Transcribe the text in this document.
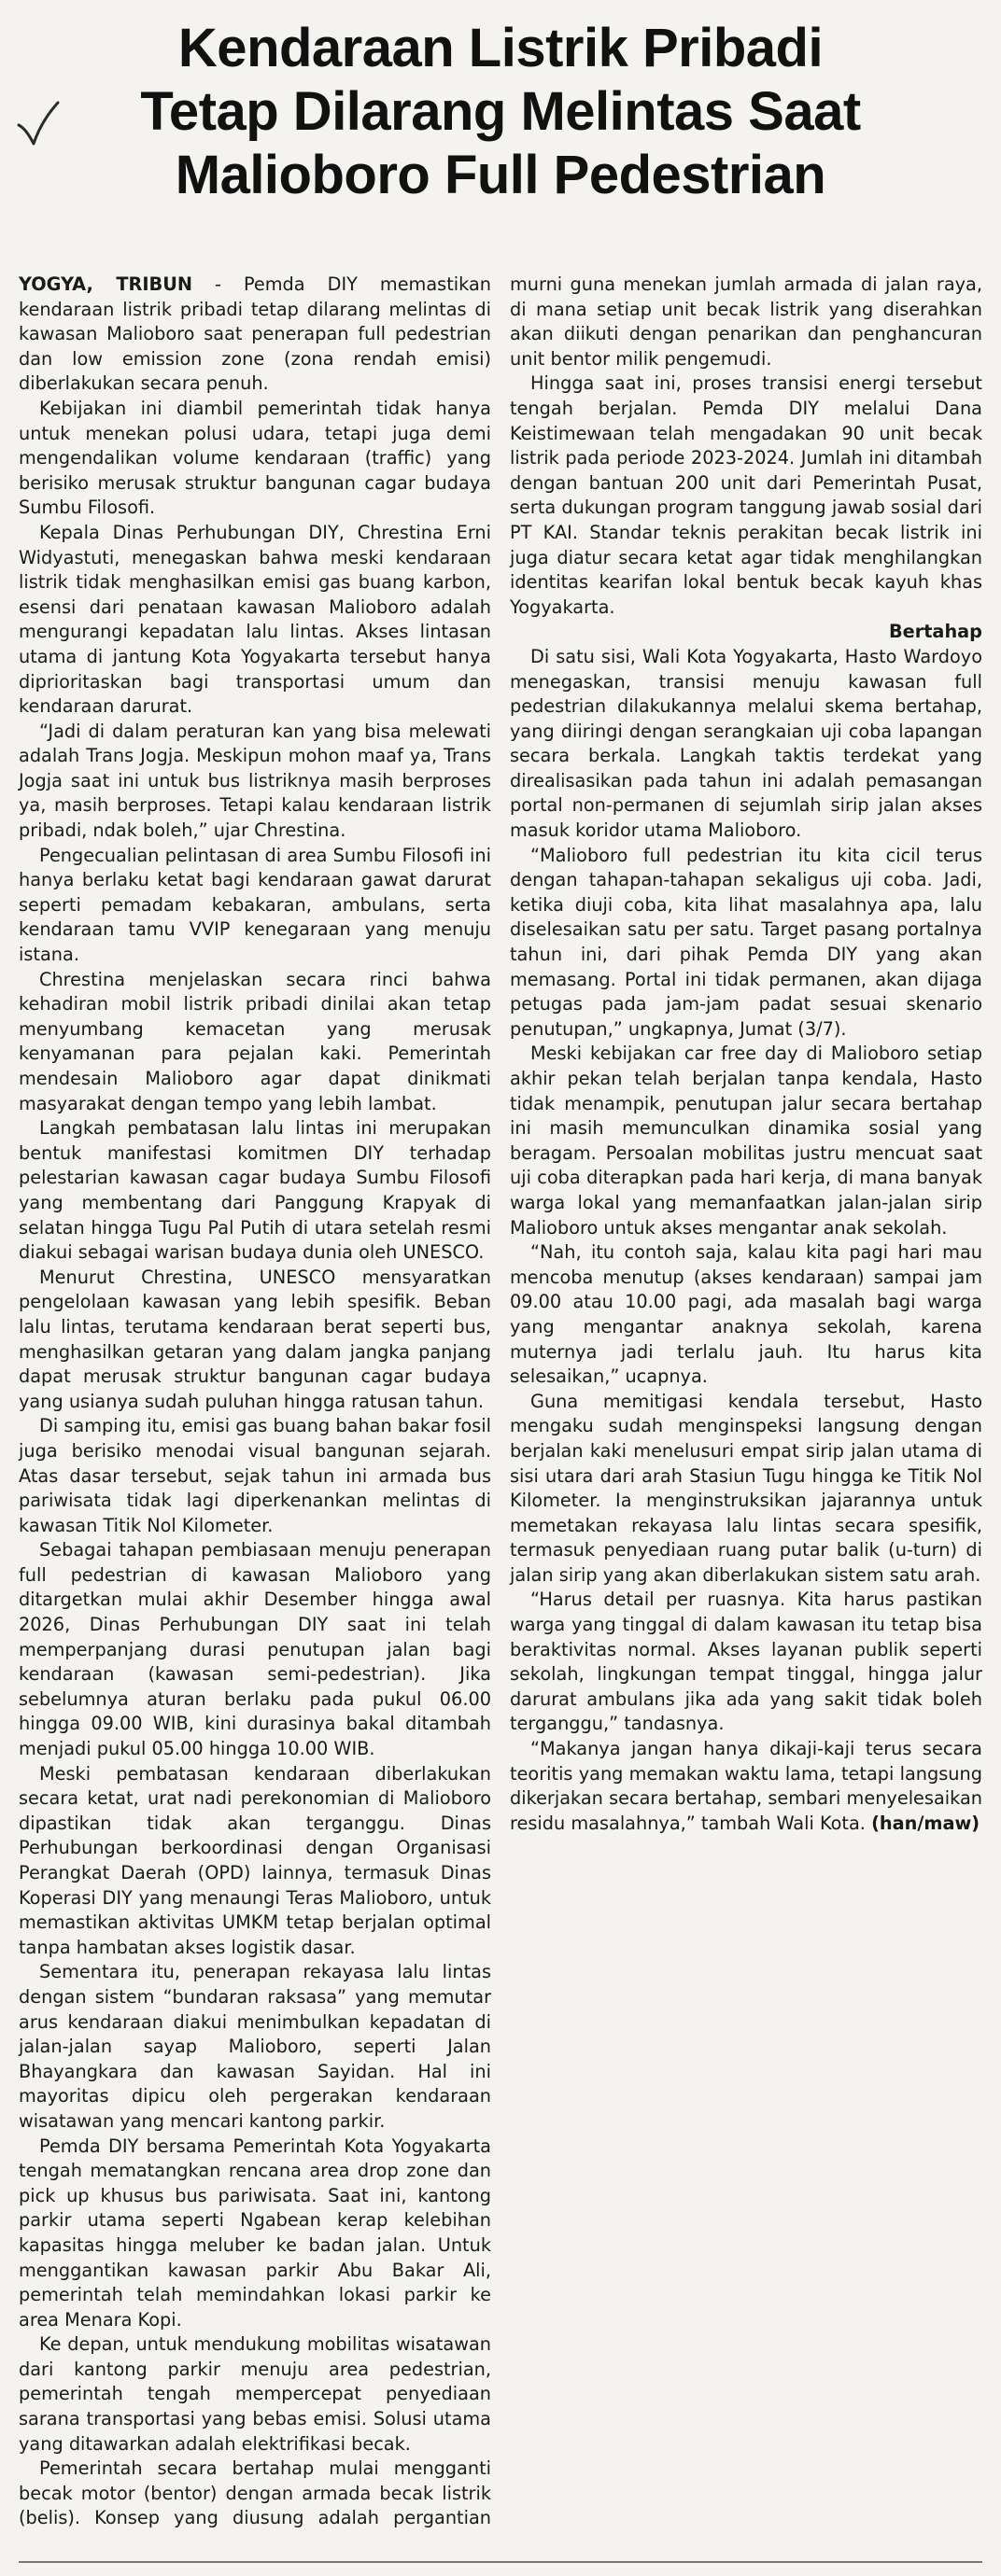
Kendaraan Listrik Pribadi
Tetap Dilarang Melintas Saat
Malioboro Full Pedestrian

YOGYA, TRIBUN - Pemda DIY memastikan kendaraan listrik pribadi tetap dilarang melintas di kawasan Malioboro saat penerapan full pedestrian dan low emission zone (zona rendah emisi) diberlakukan secara penuh.

Kebijakan ini diambil pemerintah tidak hanya untuk menekan polusi udara, tetapi juga demi mengendalikan volume kendaraan (traffic) yang berisiko merusak struktur bangunan cagar budaya Sumbu Filosofi.

Kepala Dinas Perhubungan DIY, Chrestina Erni Widyastuti, menegaskan bahwa meski kendaraan listrik tidak menghasilkan emisi gas buang karbon, esensi dari penataan kawasan Malioboro adalah mengurangi kepadatan lalu lintas. Akses lintasan utama di jantung Kota Yogyakarta tersebut hanya diprioritaskan bagi transportasi umum dan kendaraan darurat.

“Jadi di dalam peraturan kan yang bisa melewati adalah Trans Jogja. Meskipun mohon maaf ya, Trans Jogja saat ini untuk bus listriknya masih berproses ya, masih berproses. Tetapi kalau kendaraan listrik pribadi, ndak boleh,” ujar Chrestina.

Pengecualian pelintasan di area Sumbu Filosofi ini hanya berlaku ketat bagi kendaraan gawat darurat seperti pemadam kebakaran, ambulans, serta kendaraan tamu VVIP kenegaraan yang menuju istana.

Chrestina menjelaskan secara rinci bahwa kehadiran mobil listrik pribadi dinilai akan tetap menyumbang kemacetan yang merusak kenyamanan para pejalan kaki. Pemerintah mendesain Malioboro agar dapat dinikmati masyarakat dengan tempo yang lebih lambat.

Langkah pembatasan lalu lintas ini merupakan bentuk manifestasi komitmen DIY terhadap pelestarian kawasan cagar budaya Sumbu Filosofi yang membentang dari Panggung Krapyak di selatan hingga Tugu Pal Putih di utara setelah resmi diakui sebagai warisan budaya dunia oleh UNESCO.

Menurut Chrestina, UNESCO mensyaratkan pengelolaan kawasan yang lebih spesifik. Beban lalu lintas, terutama kendaraan berat seperti bus, menghasilkan getaran yang dalam jangka panjang dapat merusak struktur bangunan cagar budaya yang usianya sudah puluhan hingga ratusan tahun.

Di samping itu, emisi gas buang bahan bakar fosil juga berisiko menodai visual bangunan sejarah. Atas dasar tersebut, sejak tahun ini armada bus pariwisata tidak lagi diperkenankan melintas di kawasan Titik Nol Kilometer.

Sebagai tahapan pembiasaan menuju penerapan full pedestrian di kawasan Malioboro yang ditargetkan mulai akhir Desember hingga awal 2026, Dinas Perhubungan DIY saat ini telah memperpanjang durasi penutupan jalan bagi kendaraan (kawasan semi-pedestrian). Jika sebelumnya aturan berlaku pada pukul 06.00 hingga 09.00 WIB, kini durasinya bakal ditambah menjadi pukul 05.00 hingga 10.00 WIB.

Meski pembatasan kendaraan diberlakukan secara ketat, urat nadi perekonomian di Malioboro dipastikan tidak akan terganggu. Dinas Perhubungan berkoordinasi dengan Organisasi Perangkat Daerah (OPD) lainnya, termasuk Dinas Koperasi DIY yang menaungi Teras Malioboro, untuk memastikan aktivitas UMKM tetap berjalan optimal tanpa hambatan akses logistik dasar.

Sementara itu, penerapan rekayasa lalu lintas dengan sistem “bundaran raksasa” yang memutar arus kendaraan diakui menimbulkan kepadatan di jalan-jalan sayap Malioboro, seperti Jalan Bhayangkara dan kawasan Sayidan. Hal ini mayoritas dipicu oleh pergerakan kendaraan wisatawan yang mencari kantong parkir.

Pemda DIY bersama Pemerintah Kota Yogyakarta tengah mematangkan rencana area drop zone dan pick up khusus bus pariwisata. Saat ini, kantong parkir utama seperti Ngabean kerap kelebihan kapasitas hingga meluber ke badan jalan. Untuk menggantikan kawasan parkir Abu Bakar Ali, pemerintah telah memindahkan lokasi parkir ke area Menara Kopi.

Ke depan, untuk mendukung mobilitas wisatawan dari kantong parkir menuju area pedestrian, pemerintah tengah mempercepat penyediaan sarana transportasi yang bebas emisi. Solusi utama yang ditawarkan adalah elektrifikasi becak.

Pemerintah secara bertahap mulai mengganti becak motor (bentor) dengan armada becak listrik (belis). Konsep yang diusung adalah pergantian murni guna menekan jumlah armada di jalan raya, di mana setiap unit becak listrik yang diserahkan akan diikuti dengan penarikan dan penghancuran unit bentor milik pengemudi.

Hingga saat ini, proses transisi energi tersebut tengah berjalan. Pemda DIY melalui Dana Keistimewaan telah mengadakan 90 unit becak listrik pada periode 2023-2024. Jumlah ini ditambah dengan bantuan 200 unit dari Pemerintah Pusat, serta dukungan program tanggung jawab sosial dari PT KAI. Standar teknis perakitan becak listrik ini juga diatur secara ketat agar tidak menghilangkan identitas kearifan lokal bentuk becak kayuh khas Yogyakarta.

Bertahap

Di satu sisi, Wali Kota Yogyakarta, Hasto Wardoyo menegaskan, transisi menuju kawasan full pedestrian dilakukannya melalui skema bertahap, yang diiringi dengan serangkaian uji coba lapangan secara berkala. Langkah taktis terdekat yang direalisasikan pada tahun ini adalah pemasangan portal non-permanen di sejumlah sirip jalan akses masuk koridor utama Malioboro.

“Malioboro full pedestrian itu kita cicil terus dengan tahapan-tahapan sekaligus uji coba. Jadi, ketika diuji coba, kita lihat masalahnya apa, lalu diselesaikan satu per satu. Target pasang portalnya tahun ini, dari pihak Pemda DIY yang akan memasang. Portal ini tidak permanen, akan dijaga petugas pada jam-jam padat sesuai skenario penutupan,” ungkapnya, Jumat (3/7).

Meski kebijakan car free day di Malioboro setiap akhir pekan telah berjalan tanpa kendala, Hasto tidak menampik, penutupan jalur secara bertahap ini masih memunculkan dinamika sosial yang beragam. Persoalan mobilitas justru mencuat saat uji coba diterapkan pada hari kerja, di mana banyak warga lokal yang memanfaatkan jalan-jalan sirip Malioboro untuk akses mengantar anak sekolah.

“Nah, itu contoh saja, kalau kita pagi hari mau mencoba menutup (akses kendaraan) sampai jam 09.00 atau 10.00 pagi, ada masalah bagi warga yang mengantar anaknya sekolah, karena muternya jadi terlalu jauh. Itu harus kita selesaikan,” ucapnya.

Guna memitigasi kendala tersebut, Hasto mengaku sudah menginspeksi langsung dengan berjalan kaki menelusuri empat sirip jalan utama di sisi utara dari arah Stasiun Tugu hingga ke Titik Nol Kilometer. Ia menginstruksikan jajarannya untuk memetakan rekayasa lalu lintas secara spesifik, termasuk penyediaan ruang putar balik (u-turn) di jalan sirip yang akan diberlakukan sistem satu arah.

“Harus detail per ruasnya. Kita harus pastikan warga yang tinggal di dalam kawasan itu tetap bisa beraktivitas normal. Akses layanan publik seperti sekolah, lingkungan tempat tinggal, hingga jalur darurat ambulans jika ada yang sakit tidak boleh terganggu,” tandasnya.

“Makanya jangan hanya dikaji-kaji terus secara teoritis yang memakan waktu lama, tetapi langsung dikerjakan secara bertahap, sembari menyelesaikan residu masalahnya,” tambah Wali Kota. (han/maw)
